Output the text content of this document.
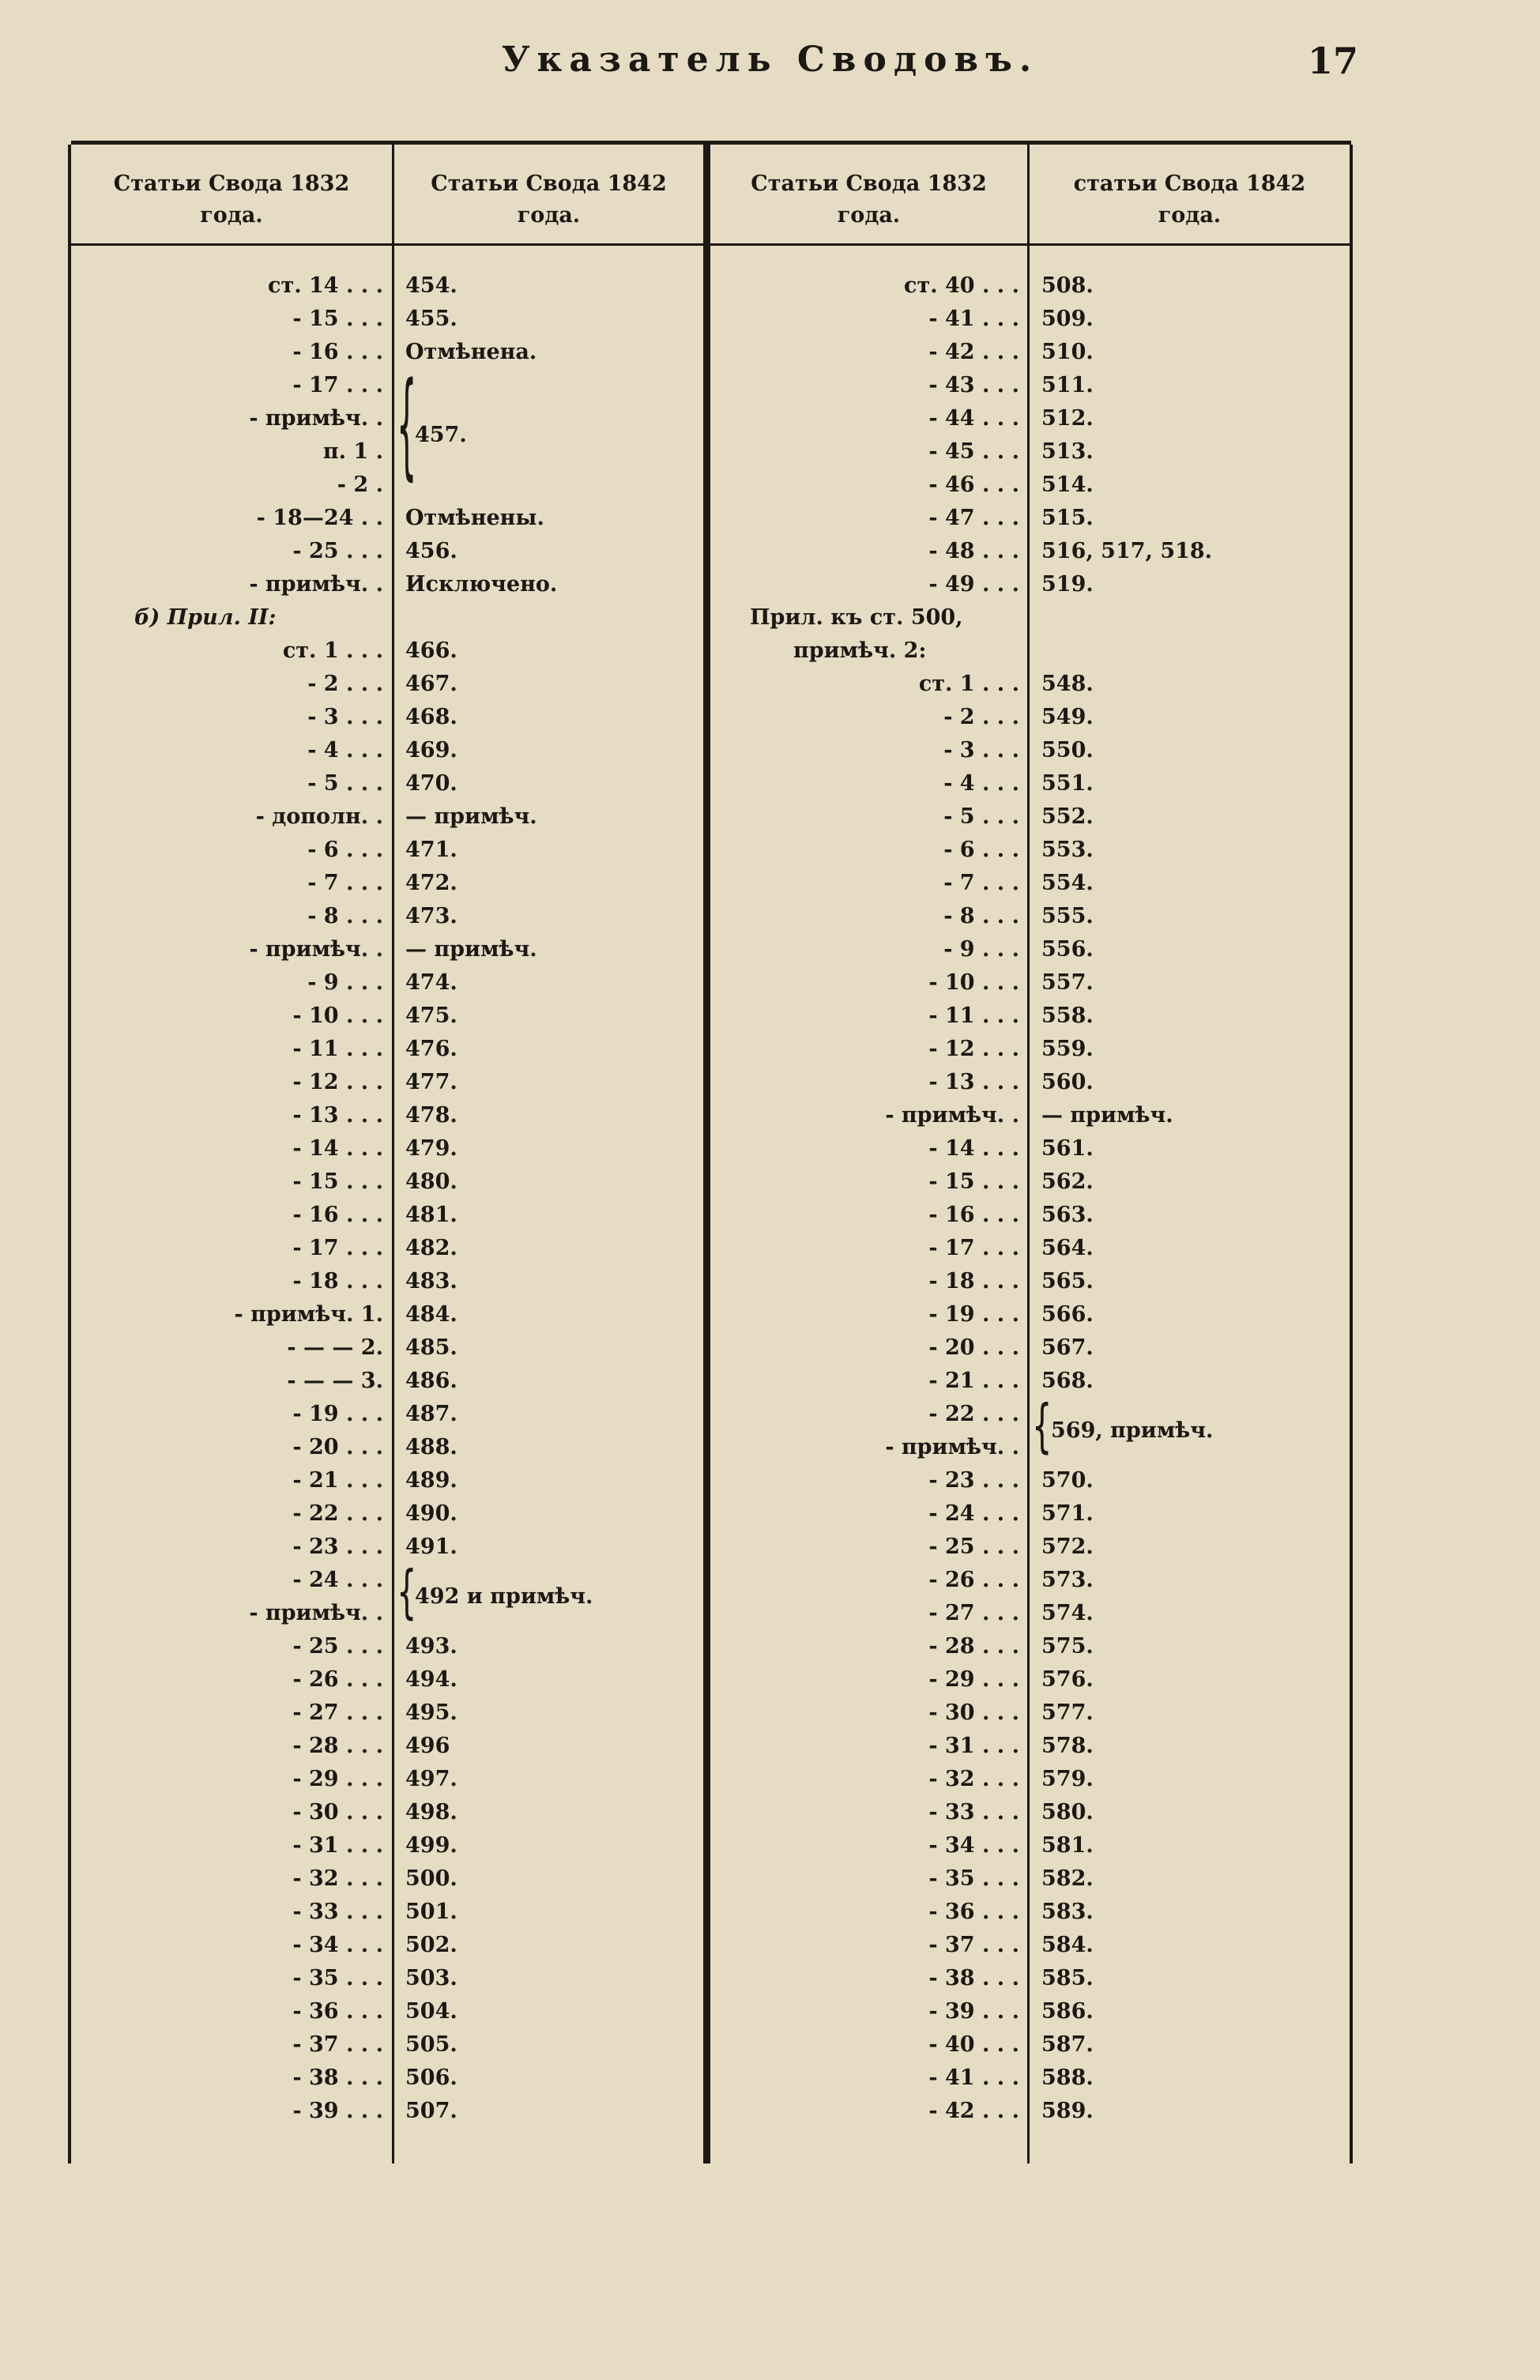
Указатель Сводовъ.	17
Статьи Свода 1832
года.
Статьи Свода 1842
года.
Статьи Свода 1832
года.
статьи Свода 1842
года.
ст. 14 . . . 454.
- 15 . . . 455.
- 16 . . . Отмѣнена.
- 17 . . .
- примѣч. .
п. 1 .
- 2 .
- 18—24 . . Отмѣнены.
- 25 . . . 456.
- примѣч. . Исключено.
б) Прил. II:
ст. 1 . . . 466.
- 2 . . . 467.
- 3 . . . 468.
- 4 . . . 469.
- 5 . . . 470.
- дополн. . — примѣч.
- 6 . . . 471.
- 7 . . . 472.
- 8 . . . 473.
- примѣч. . — примѣч.
- 9 . . . 474.
- 10 . . . 475.
- 11 . . . 476.
- 12 . . . 477.
- 13 . . . 478.
- 14 . . . 479.
- 15 . . . 480.
- 16 . . . 481.
- 17 . . . 482.
- 18 . . . 483.
- примѣч. 1. 484.
- — — 2. 485.
- — — 3. 486.
- 19 . . . 487.
- 20 . . . 488.
- 21 . . . 489.
- 22 . . . 490.
- 23 . . . 491.
- 24 . . .
- примѣч. .
- 25 . . . 493.
- 26 . . . 494.
- 27 . . . 495.
- 28 . . . 496
- 29 . . . 497.
- 30 . . . 498.
- 31 . . . 499.
- 32 . . . 500.
- 33 . . . 501.
- 34 . . . 502.
- 35 . . . 503.
- 36 . . . 504.
- 37 . . . 505.
- 38 . . . 506.
- 39 . . . 507.
{
457.
{
492 и примѣч.
ст. 40 . . . 508.
- 41 . . . 509.
- 42 . . . 510.
- 43 . . . 511.
- 44 . . . 512.
- 45 . . . 513.
- 46 . . . 514.
- 47 . . . 515.
- 48 . . . 516, 517, 518.
- 49 . . . 519.
Прил. къ ст. 500,
примѣч. 2:
ст. 1 . . . 548.
- 2 . . . 549.
- 3 . . . 550.
- 4 . . . 551.
- 5 . . . 552.
- 6 . . . 553.
- 7 . . . 554.
- 8 . . . 555.
- 9 . . . 556.
- 10 . . . 557.
- 11 . . . 558.
- 12 . . . 559.
- 13 . . . 560.
- примѣч. . — примѣч.
- 14 . . . 561.
- 15 . . . 562.
- 16 . . . 563.
- 17 . . . 564.
- 18 . . . 565.
- 19 . . . 566.
- 20 . . . 567.
- 21 . . . 568.
- 22 . . .
- примѣч. .
- 23 . . . 570.
- 24 . . . 571.
- 25 . . . 572.
- 26 . . . 573.
- 27 . . . 574.
- 28 . . . 575.
- 29 . . . 576.
- 30 . . . 577.
- 31 . . . 578.
- 32 . . . 579.
- 33 . . . 580.
- 34 . . . 581.
- 35 . . . 582.
- 36 . . . 583.
- 37 . . . 584.
- 38 . . . 585.
- 39 . . . 586.
- 40 . . . 587.
- 41 . . . 588.
- 42 . . . 589.
{
569, примѣч.
